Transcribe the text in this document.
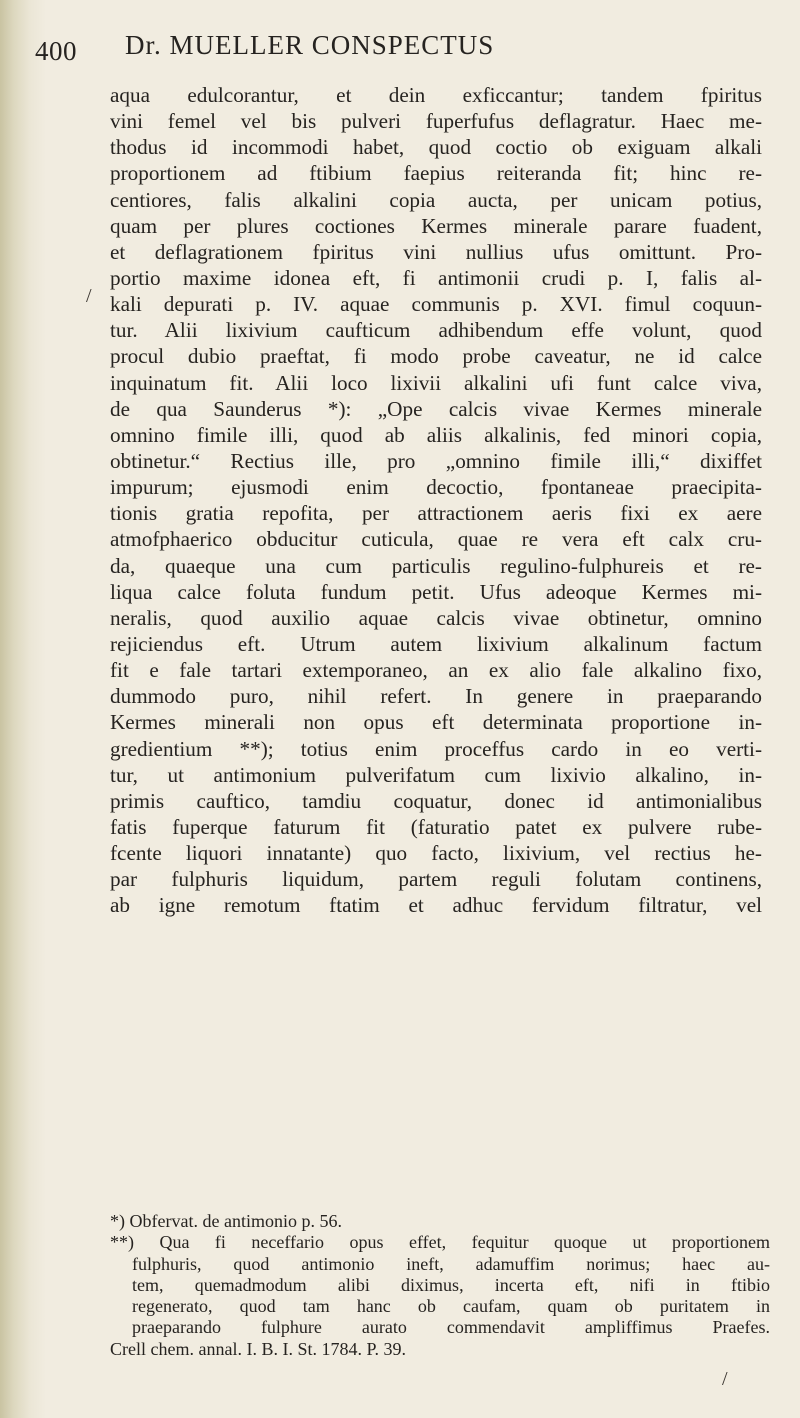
400 Dr. MUELLER CONSPECTUS
/
aqua edulcorantur, et dein exficcantur; tandem fpiritus
vini femel vel bis pulveri fuperfufus deflagratur. Haec me-
thodus id incommodi habet, quod coctio ob exiguam alkali
proportionem ad ftibium faepius reiteranda fit; hinc re-
centiores, falis alkalini copia aucta, per unicam potius,
quam per plures coctiones Kermes minerale parare fuadent,
et deflagrationem fpiritus vini nullius ufus omittunt. Pro-
portio maxime idonea eft, fi antimonii crudi p. I, falis al-
kali depurati p. IV. aquae communis p. XVI. fimul coquun-
tur. Alii lixivium caufticum adhibendum effe volunt, quod
procul dubio praeftat, fi modo probe caveatur, ne id calce
inquinatum fit. Alii loco lixivii alkalini ufi funt calce viva,
de qua Saunderus *): „Ope calcis vivae Kermes minerale
omnino fimile illi, quod ab aliis alkalinis, fed minori copia,
obtinetur.“ Rectius ille, pro „omnino fimile illi,“ dixiffet
impurum; ejusmodi enim decoctio, fpontaneae praecipita-
tionis gratia repofita, per attractionem aeris fixi ex aere
atmofphaerico obducitur cuticula, quae re vera eft calx cru-
da, quaeque una cum particulis regulino-fulphureis et re-
liqua calce foluta fundum petit. Ufus adeoque Kermes mi-
neralis, quod auxilio aquae calcis vivae obtinetur, omnino
rejiciendus eft. Utrum autem lixivium alkalinum factum
fit e fale tartari extemporaneo, an ex alio fale alkalino fixo,
dummodo puro, nihil refert. In genere in praeparando
Kermes minerali non opus eft determinata proportione in-
gredientium **); totius enim proceffus cardo in eo verti-
tur, ut antimonium pulverifatum cum lixivio alkalino, in-
primis cauftico, tamdiu coquatur, donec id antimonialibus
fatis fuperque faturum fit (faturatio patet ex pulvere rube-
fcente liquori innatante) quo facto, lixivium, vel rectius he-
par fulphuris liquidum, partem reguli folutam continens,
ab igne remotum ftatim et adhuc fervidum filtratur, vel
*) Obfervat. de antimonio p. 56.
**) Qua fi neceffario opus effet, fequitur quoque ut proportionem
fulphuris, quod antimonio ineft, adamuffim norimus; haec au-
tem, quemadmodum alibi diximus, incerta eft, nifi in ftibio
regenerato, quod tam hanc ob caufam, quam ob puritatem in
praeparando fulphure aurato commendavit ampliffimus Praefes.
Crell chem. annal. I. B. I. St. 1784. P. 39.
/
